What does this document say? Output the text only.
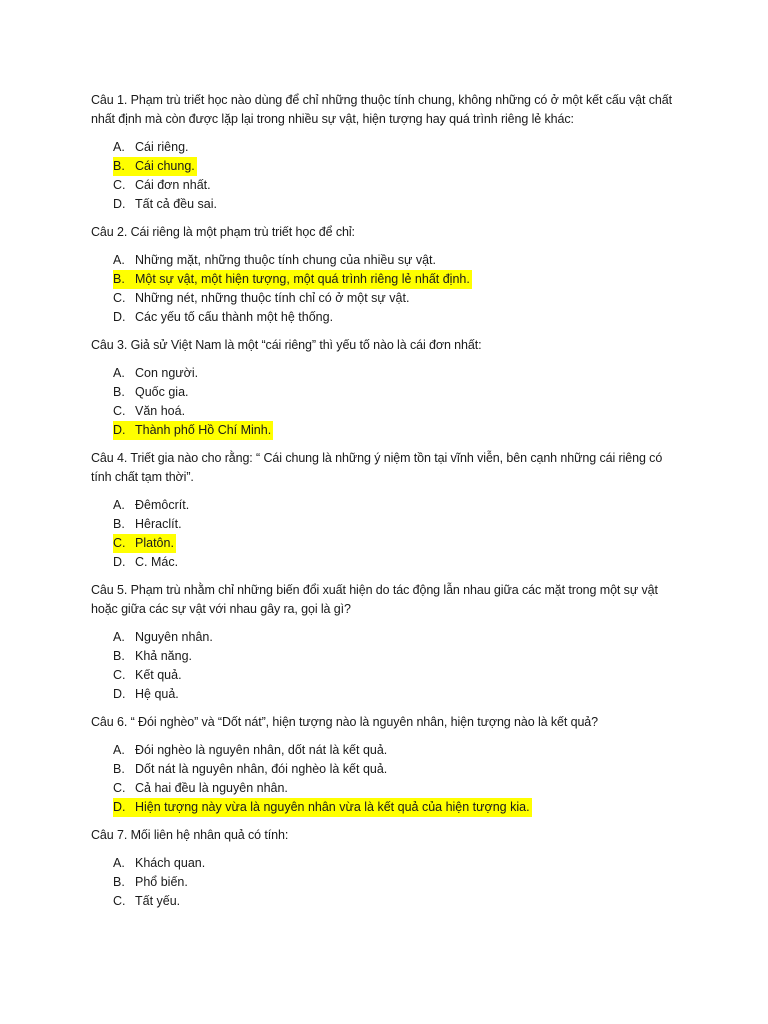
Câu 1. Phạm trù triết học nào dùng để chỉ những thuộc tính chung, không những có ở một kết cấu vật chất nhất định mà còn được lặp lại trong nhiều sự vật, hiện tượng hay quá trình riêng lẻ khác:

A. Cái riêng.
B. Cái chung.
C. Cái đơn nhất.
D. Tất cả đều sai.

Câu 2. Cái riêng là một phạm trù triết học để chỉ:

A. Những mặt, những thuộc tính chung của nhiều sự vật.
B. Một sự vật, một hiện tượng, một quá trình riêng lẻ nhất định.
C. Những nét, những thuộc tính chỉ có ở một sự vật.
D. Các yếu tố cấu thành một hệ thống.

Câu 3. Giả sử Việt Nam là một “cái riêng” thì yếu tố nào là cái đơn nhất:

A. Con người.
B. Quốc gia.
C. Văn hoá.
D. Thành phố Hồ Chí Minh.

Câu 4. Triết gia nào cho rằng: “ Cái chung là những ý niệm tồn tại vĩnh viễn, bên cạnh những cái riêng có tính chất tạm thời”.

A. Đêmôcrít.
B. Hêraclít.
C. Platôn.
D. C. Mác.

Câu 5. Phạm trù nhằm chỉ những biến đổi xuất hiện do tác động lẫn nhau giữa các mặt trong một sự vật hoặc giữa các sự vật với nhau gây ra, gọi là gì?

A. Nguyên nhân.
B. Khả năng.
C. Kết quả.
D. Hệ quả.

Câu 6. “ Đói nghèo” và “Dốt nát”, hiện tượng nào là nguyên nhân, hiện tượng nào là kết quả?

A. Đói nghèo là nguyên nhân, dốt nát là kết quả.
B. Dốt nát là nguyên nhân, đói nghèo là kết quả.
C. Cả hai đều là nguyên nhân.
D. Hiện tượng này vừa là nguyên nhân vừa là kết quả của hiện tượng kia.

Câu 7. Mối liên hệ nhân quả có tính:

A. Khách quan.
B. Phổ biến.
C. Tất yếu.
